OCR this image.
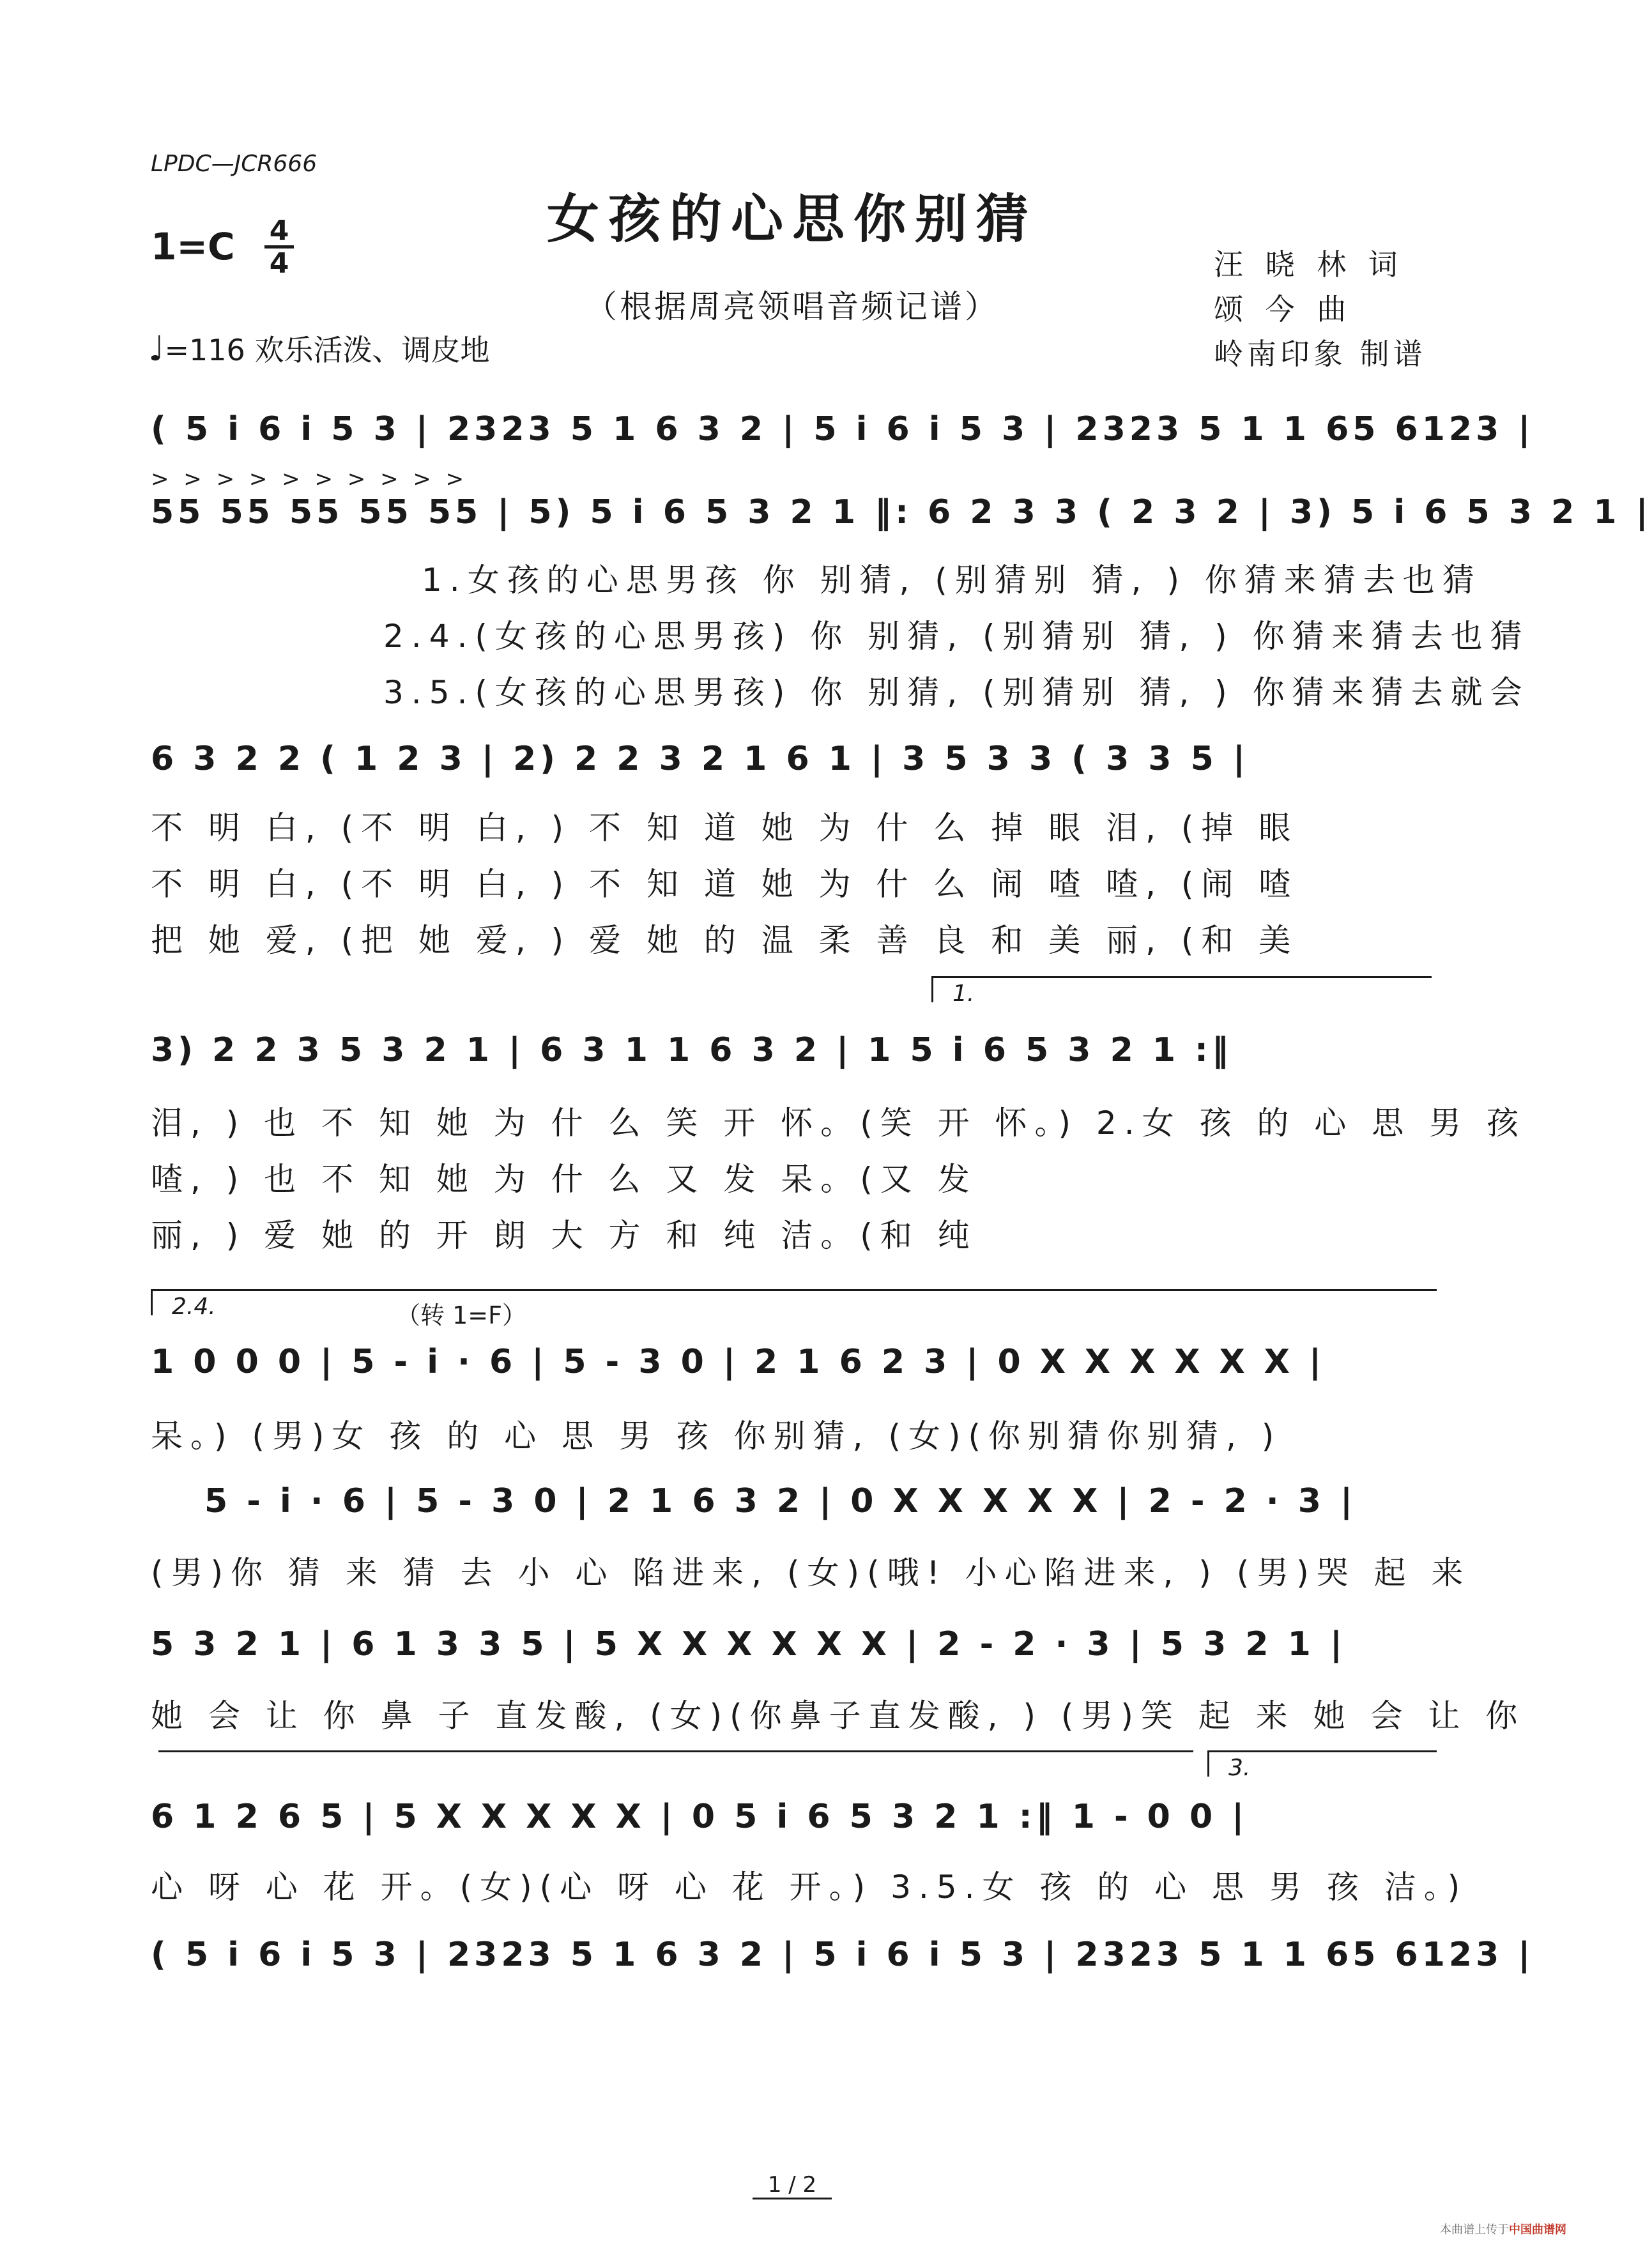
LPDC—JCR666
女孩的心思你别猜
（根据周亮领唱音频记谱）
1=C 4
4
♩=116 欢乐活泼、调皮地
汪 晓 林 词
颂 今 曲
岭南印象 制谱
( 5 i 6 i 5 3 | 2323 5 1 6 3 2 | 5 i 6 i 5 3 | 2323 5 1 1 65 6123 |
> > > > > > > > > >
55 55 55 55 55 | 5) 5 i 6 5 3 2 1 ‖: 6 2 3 3 ( 2 3 2 | 3) 5 i 6 5 3 2 1 |
1.女孩的心思男孩 你 别猜, (别猜别 猜, ) 你猜来猜去也猜
2.4.(女孩的心思男孩) 你 别猜, (别猜别 猜, ) 你猜来猜去也猜
3.5.(女孩的心思男孩) 你 别猜, (别猜别 猜, ) 你猜来猜去就会
6 3 2 2 ( 1 2 3 | 2) 2 2 3 2 1 6 1 | 3 5 3 3 ( 3 3 5 |
不 明 白, (不 明 白, ) 不 知 道 她 为 什 么 掉 眼 泪, (掉 眼
不 明 白, (不 明 白, ) 不 知 道 她 为 什 么 闹 喳 喳, (闹 喳
把 她 爱, (把 她 爱, ) 爱 她 的 温 柔 善 良 和 美 丽, (和 美
1.
3) 2 2 3 5 3 2 1 | 6 3 1 1 6 3 2 | 1 5 i 6 5 3 2 1 :‖
泪, ) 也 不 知 她 为 什 么 笑 开 怀。(笑 开 怀。) 2.女 孩 的 心 思 男 孩
喳, ) 也 不 知 她 为 什 么 又 发 呆。(又 发
丽, ) 爱 她 的 开 朗 大 方 和 纯 洁。(和 纯
2.4.	（转 1=F）
1 0 0 0 | 5 - i · 6 | 5 - 3 0 | 2 1 6 2 3 | 0 X X X X X X |
呆。) (男)女 孩 的 心 思 男 孩 你别猜, (女)(你别猜你别猜, )
5 - i · 6 | 5 - 3 0 | 2 1 6 3 2 | 0 X X X X X | 2 - 2 · 3 |
(男)你 猜 来 猜 去 小 心 陷进来, (女)(哦! 小心陷进来, ) (男)哭 起 来
5 3 2 1 | 6 1 3 3 5 | 5 X X X X X X | 2 - 2 · 3 | 5 3 2 1 |
她 会 让 你 鼻 子 直发酸, (女)(你鼻子直发酸, ) (男)笑 起 来 她 会 让 你
3.
6 1 2 6 5 | 5 X X X X X | 0 5 i 6 5 3 2 1 :‖ 1 - 0 0 |
心 呀 心 花 开。(女)(心 呀 心 花 开。) 3.5.女 孩 的 心 思 男 孩 洁。)
( 5 i 6 i 5 3 | 2323 5 1 6 3 2 | 5 i 6 i 5 3 | 2323 5 1 1 65 6123 |
1 / 2
本曲谱上传于中国曲谱网
